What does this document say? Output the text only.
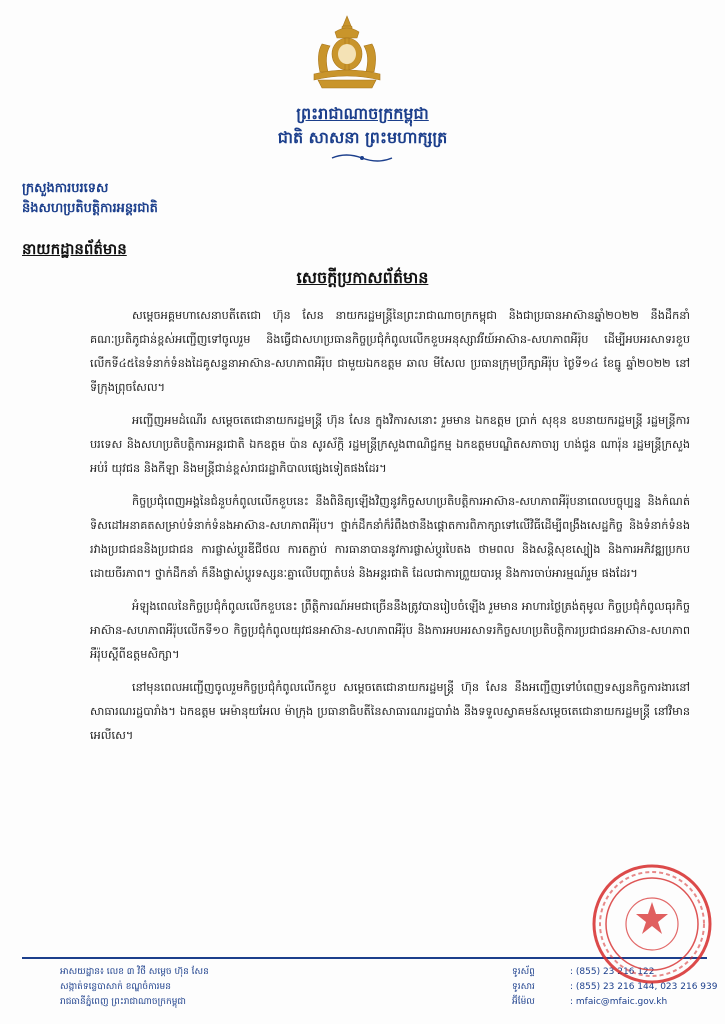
ព្រះរាជាណាចក្រកម្ពុជា
ជាតិ សាសនា ព្រះមហាក្សត្រ
ក្រសួងការបរទេស
និងសហប្រតិបត្តិការអន្តរជាតិ
នាយកដ្ឋានព័ត៌មាន
សេចក្តីប្រកាសព័ត៌មាន

សម្តេចអគ្គមហាសេនាបតីតេជោ ហ៊ុន សែន នាយករដ្ឋមន្ត្រីនៃព្រះរាជាណាចក្រកម្ពុជា និងជាប្រធានអាស៊ានឆ្នាំ២០២២ នឹងដឹកនាំគណៈប្រតិភូជាន់ខ្ពស់អញ្ជើញទៅចូលរួម និងធ្វើជាសហប្រធានកិច្ចប្រជុំកំពូលលើកខួបអនុស្សាវរីយ៍អាស៊ាន-សហភាពអឺរ៉ុប ដើម្បីអបអរសាទរខួបលើកទី៤៥នៃទំនាក់ទំនងដៃគូសន្ទនាអាស៊ាន-សហភាពអឺរ៉ុប ជាមួយឯកឧត្តម ឆាល មីសែល ប្រធានក្រុមប្រឹក្សាអឺរ៉ុប ថ្ងៃទី១៤ ខែធ្នូ ឆ្នាំ២០២២ នៅទីក្រុងព្រុចសែល។

អញ្ជើញអមដំណើរ សម្តេចតេជោនាយករដ្ឋមន្ត្រី ហ៊ុន សែន ក្នុងវិការសនោះ រួមមាន ឯកឧត្តម ប្រាក់ សុខុន ឧបនាយករដ្ឋមន្ត្រី រដ្ឋមន្ត្រីការបរទេស និងសហប្រតិបត្តិការអន្តរជាតិ ឯកឧត្តម ប៉ាន សូរស័ក្តិ រដ្ឋមន្ត្រីក្រសួងពាណិជ្ជកម្ម ឯកឧត្តមបណ្ឌិតសភាចារ្យ ហង់ជួន ណារ៉ុន រដ្ឋមន្ត្រីក្រសួងអប់រំ យុវជន និងកីឡា និងមន្ត្រីជាន់ខ្ពស់រាជរដ្ឋាភិបាលផ្សេងទៀតផងដែរ។

កិច្ចប្រជុំពេញអង្គនៃជំនួបកំពូលលើកខួបនេះ នឹងពិនិត្យឡើងវិញនូវកិច្ចសហប្រតិបត្តិការអាស៊ាន-សហភាពអឺរ៉ុបនាពេលបច្ចុប្បន្ន និងកំណត់ទិសដៅអនាគតសម្រាប់ទំនាក់ទំនងអាស៊ាន-សហភាពអឺរ៉ុប។ ថ្នាក់ដឹកនាំក៏រំពឹងថានឹងផ្តោតការពិភាក្សាទៅលើវិធីដើម្បីពង្រឹងសេដ្ឋកិច្ច និងទំនាក់ទំនងរវាងប្រជាជននិងប្រជាជន ការផ្លាស់ប្តូរឌីជីថល ការតភ្ជាប់ ការធានាបាននូវការផ្លាស់ប្តូរបៃតង ថាមពល និងសន្តិសុខស្បៀង និងការអភិវឌ្ឍប្រកបដោយចីរភាព។ ថ្នាក់ដឹកនាំ ក៏នឹងផ្លាស់ប្តូរទស្សនៈគ្នាលើបញ្ហាតំបន់ និងអន្តរជាតិ ដែលជាការព្រួយបារម្ភ និងការចាប់អារម្មណ៍រួម ផងដែរ។

អំឡុងពេលនៃកិច្ចប្រជុំកំពូលលើកខួបនេះ ព្រឹត្តិការណ៍អមជាច្រើននឹងត្រូវបានរៀបចំឡើង រួមមាន អាហារថ្ងៃត្រង់តុមូល កិច្ចប្រជុំកំពូលធុរកិច្ចអាស៊ាន-សហភាពអឺរ៉ុបលើកទី១០ កិច្ចប្រជុំកំពូលយុវជនអាស៊ាន-សហភាពអឺរ៉ុប និងការអបអរសាទរកិច្ចសហប្រតិបត្តិការប្រជាជនអាស៊ាន-សហភាពអឺរ៉ុបស្តីពីឧត្តមសិក្សា។

នៅមុនពេលអញ្ជើញចូលរួមកិច្ចប្រជុំកំពូលលើកខួប សម្តេចតេជោនាយករដ្ឋមន្ត្រី ហ៊ុន សែន នឹងអញ្ជើញទៅបំពេញទស្សនកិច្ចការងារនៅសាធារណរដ្ឋបារាំង។ ឯកឧត្តម អេម៉ានុយអែល ម៉ាក្រុង ប្រធានាធិបតីនៃសាធារណរដ្ឋបារាំង នឹងទទួលស្វាគមន៍សម្តេចតេជោនាយករដ្ឋមន្ត្រី នៅវិមានអេលីសេ។

អាសយដ្ឋាន៖ លេខ ៣ វិថី សម្តេច ហ៊ុន សែន
សង្កាត់ទន្លេបាសាក់ ខណ្ឌចំការមន
រាជធានីភ្នំពេញ ព្រះរាជាណាចក្រកម្ពុជា
ទូរស័ព្ទ	: (855) 23 216 122
ទូរសារ	: (855) 23 216 144, 023 216 939
អ៊ីម៉ែល	: mfaic@mfaic.gov.kh
